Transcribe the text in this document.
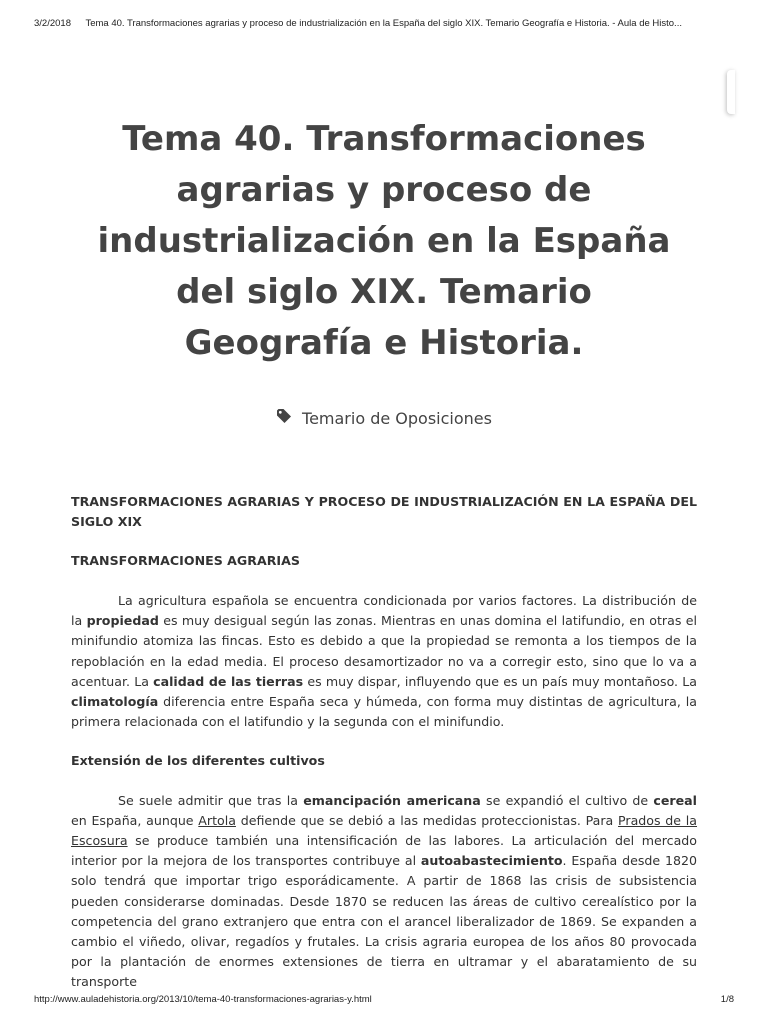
3/2/2018 Tema 40. Transformaciones agrarias y proceso de industrialización en la España del siglo XIX. Temario Geografía e Historia. - Aula de Histo...
Tema 40. Transformaciones agrarias y proceso de industrialización en la España del siglo XIX. Temario Geografía e Historia.
Temario de Oposiciones

TRANSFORMACIONES AGRARIAS Y PROCESO DE INDUSTRIALIZACIÓN EN LA ESPAÑA DEL SIGLO XIX

TRANSFORMACIONES AGRARIAS

La agricultura española se encuentra condicionada por varios factores. La distribución de la propiedad es muy desigual según las zonas. Mientras en unas domina el latifundio, en otras el minifundio atomiza las fincas. Esto es debido a que la propiedad se remonta a los tiempos de la repoblación en la edad media. El proceso desamortizador no va a corregir esto, sino que lo va a acentuar. La calidad de las tierras es muy dispar, influyendo que es un país muy montañoso. La climatología diferencia entre España seca y húmeda, con forma muy distintas de agricultura, la primera relacionada con el latifundio y la segunda con el minifundio.

Extensión de los diferentes cultivos

Se suele admitir que tras la emancipación americana se expandió el cultivo de cereal en España, aunque Artola defiende que se debió a las medidas proteccionistas. Para Prados de la Escosura se produce también una intensificación de las labores. La articulación del mercado interior por la mejora de los transportes contribuye al autoabastecimiento. España desde 1820 solo tendrá que importar trigo esporádicamente. A partir de 1868 las crisis de subsistencia pueden considerarse dominadas. Desde 1870 se reducen las áreas de cultivo cerealístico por la competencia del grano extranjero que entra con el arancel liberalizador de 1869. Se expanden a cambio el viñedo, olivar, regadíos y frutales. La crisis agraria europea de los años 80 provocada por la plantación de enormes extensiones de tierra en ultramar y el abaratamiento de su transporte

http://www.auladehistoria.org/2013/10/tema-40-transformaciones-agrarias-y.html	1/8
